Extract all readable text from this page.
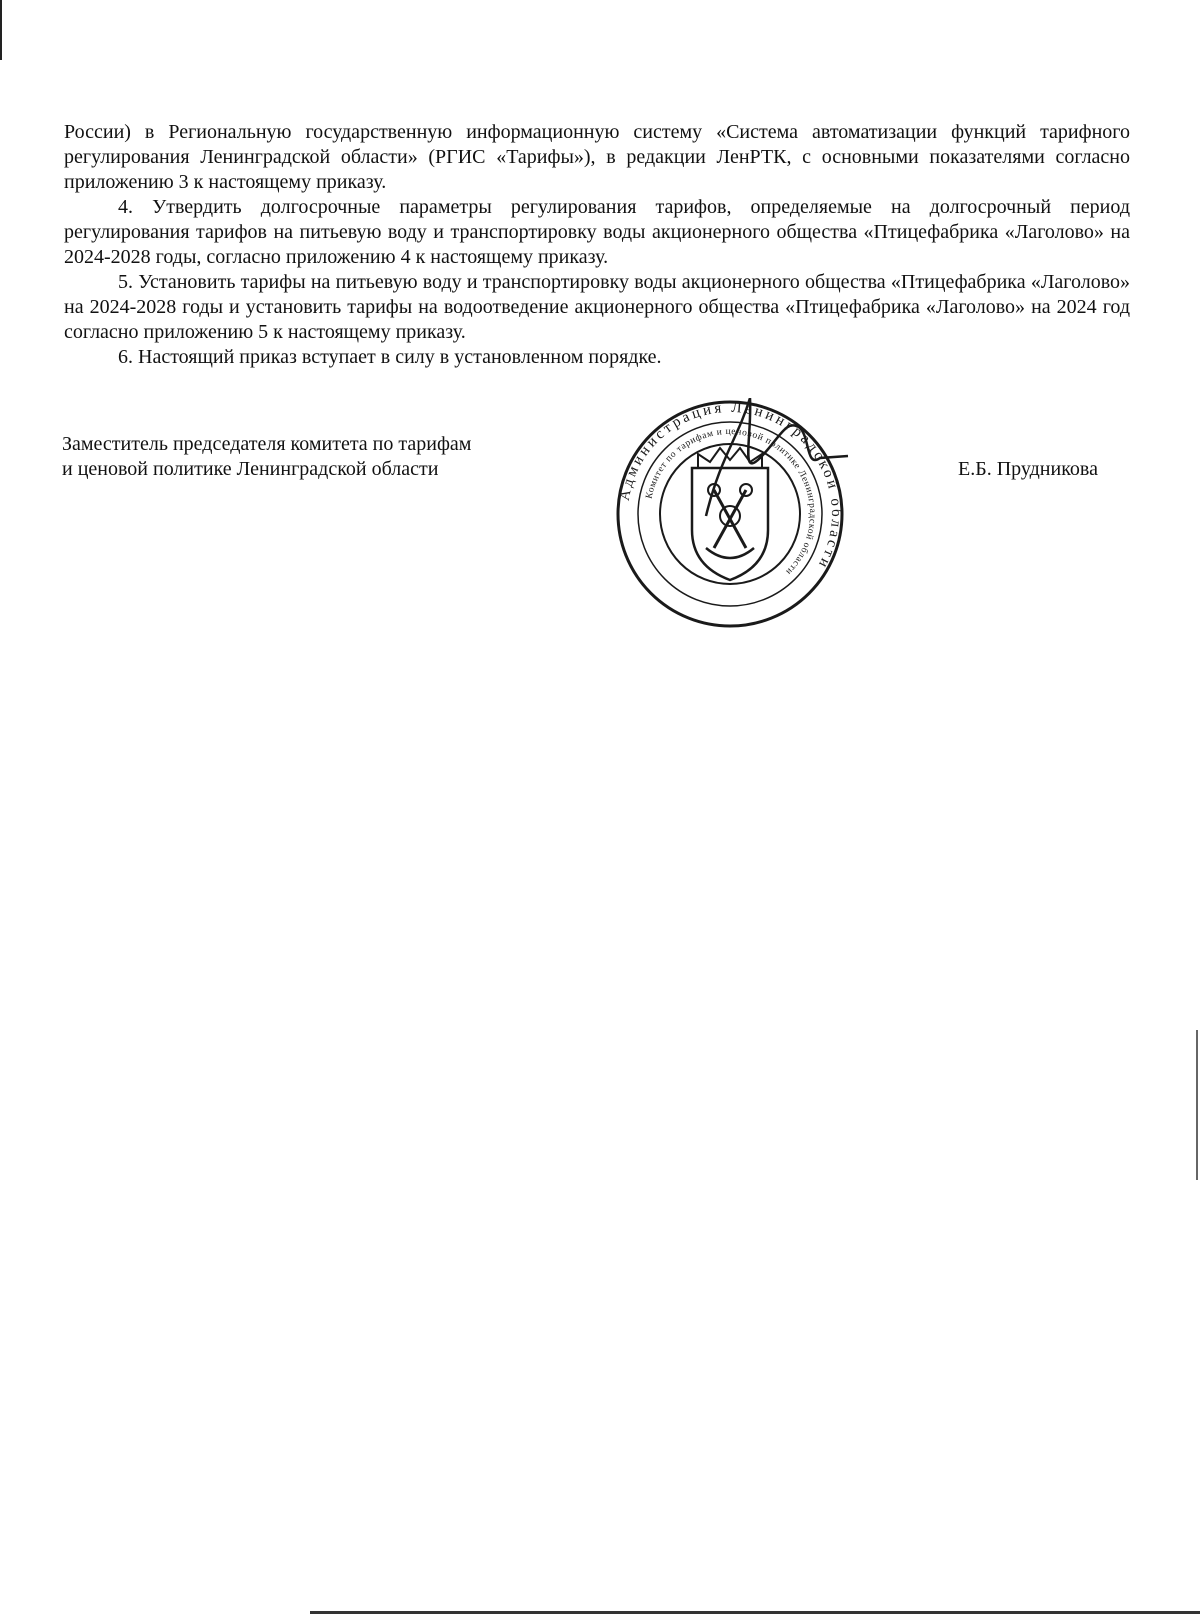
России) в Региональную государственную информационную систему «Система автоматизации функций тарифного регулирования Ленинградской области» (РГИС «Тарифы»), в редакции ЛенРТК, с основными показателями согласно приложению 3 к настоящему приказу.

4. Утвердить долгосрочные параметры регулирования тарифов, определяемые на долгосрочный период регулирования тарифов на питьевую воду и транспортировку воды акционерного общества «Птицефабрика «Лаголово» на 2024-2028 годы, согласно приложению 4 к настоящему приказу.

5. Установить тарифы на питьевую воду и транспортировку воды акционерного общества «Птицефабрика «Лаголово» на 2024-2028 годы и установить тарифы на водоотведение акционерного общества «Птицефабрика «Лаголово» на 2024 год согласно приложению 5 к настоящему приказу.

6. Настоящий приказ вступает в силу в установленном порядке.

Заместитель председателя комитета по тарифам
и ценовой политике Ленинградской области
Администрация Ленинградской области
Комитет по тарифам и ценовой политике Ленинградской области
Е.Б. Прудникова
